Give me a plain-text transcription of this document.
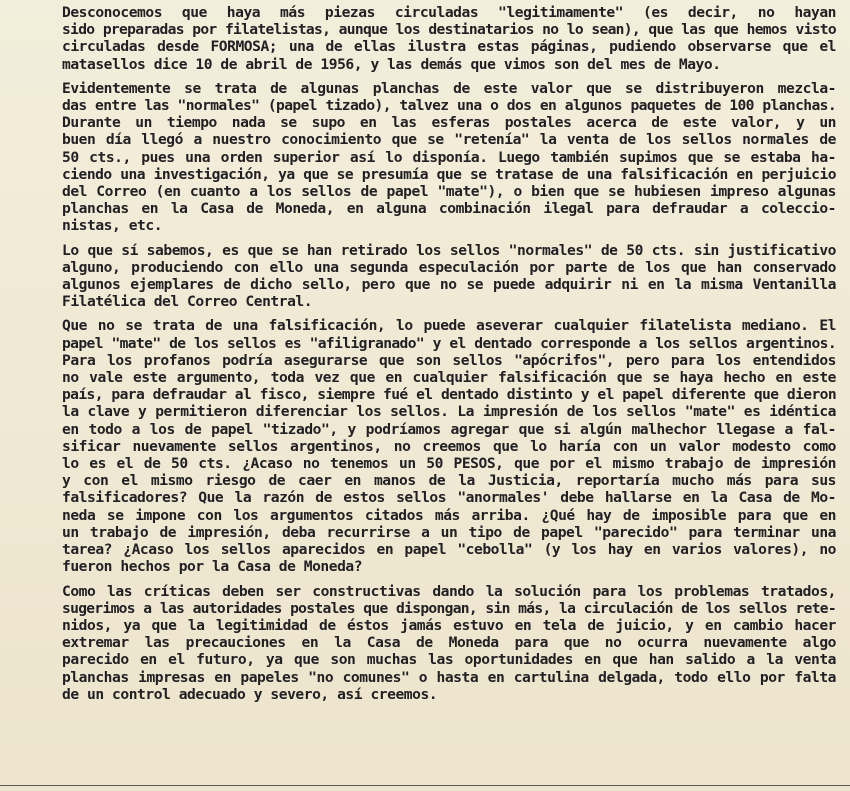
Desconocemos que haya más piezas circuladas "legitimamente" (es decir, no hayan
sido preparadas por filatelistas, aunque los destinatarios no lo sean), que las que hemos visto
circuladas desde FORMOSA; una de ellas ilustra estas páginas, pudiendo observarse que el
matasellos dice 10 de abril de 1956, y las demás que vimos son del mes de Mayo.
Evidentemente se trata de algunas planchas de este valor que se distribuyeron mezcla-
das entre las "normales" (papel tizado), talvez una o dos en algunos paquetes de 100 planchas.
Durante un tiempo nada se supo en las esferas postales acerca de este valor, y un
buen día llegó a nuestro conocimiento que se "retenía" la venta de los sellos normales de
50 cts., pues una orden superior así lo disponía. Luego también supimos que se estaba ha-
ciendo una investigación, ya que se presumía que se tratase de una falsificación en perjuicio
del Correo (en cuanto a los sellos de papel "mate"), o bien que se hubiesen impreso algunas
planchas en la Casa de Moneda, en alguna combinación ilegal para defraudar a coleccio-
nistas, etc.
Lo que sí sabemos, es que se han retirado los sellos "normales" de 50 cts. sin justificativo
alguno, produciendo con ello una segunda especulación por parte de los que han conservado
algunos ejemplares de dicho sello, pero que no se puede adquirir ni en la misma Ventanilla
Filatélica del Correo Central.
Que no se trata de una falsificación, lo puede aseverar cualquier filatelista mediano. El
papel "mate" de los sellos es "afiligranado" y el dentado corresponde a los sellos argentinos.
Para los profanos podría asegurarse que son sellos "apócrifos", pero para los entendidos
no vale este argumento, toda vez que en cualquier falsificación que se haya hecho en este
país, para defraudar al fisco, siempre fué el dentado distinto y el papel diferente que dieron
la clave y permitieron diferenciar los sellos. La impresión de los sellos "mate" es idéntica
en todo a los de papel "tizado", y podríamos agregar que si algún malhechor llegase a fal-
sificar nuevamente sellos argentinos, no creemos que lo haría con un valor modesto como
lo es el de 50 cts. ¿Acaso no tenemos un 50 PESOS, que por el mismo trabajo de impresión
y con el mismo riesgo de caer en manos de la Justicia, reportaría mucho más para sus
falsificadores? Que la razón de estos sellos "anormales' debe hallarse en la Casa de Mo-
neda se impone con los argumentos citados más arriba. ¿Qué hay de imposible para que en
un trabajo de impresión, deba recurrirse a un tipo de papel "parecido" para terminar una
tarea? ¿Acaso los sellos aparecidos en papel "cebolla" (y los hay en varios valores), no
fueron hechos por la Casa de Moneda?
Como las críticas deben ser constructivas dando la solución para los problemas tratados,
sugerimos a las autoridades postales que dispongan, sin más, la circulación de los sellos rete-
nidos, ya que la legitimidad de éstos jamás estuvo en tela de juicio, y en cambio hacer
extremar las precauciones en la Casa de Moneda para que no ocurra nuevamente algo
parecido en el futuro, ya que son muchas las oportunidades en que han salido a la venta
planchas impresas en papeles "no comunes" o hasta en cartulina delgada, todo ello por falta
de un control adecuado y severo, así creemos.
